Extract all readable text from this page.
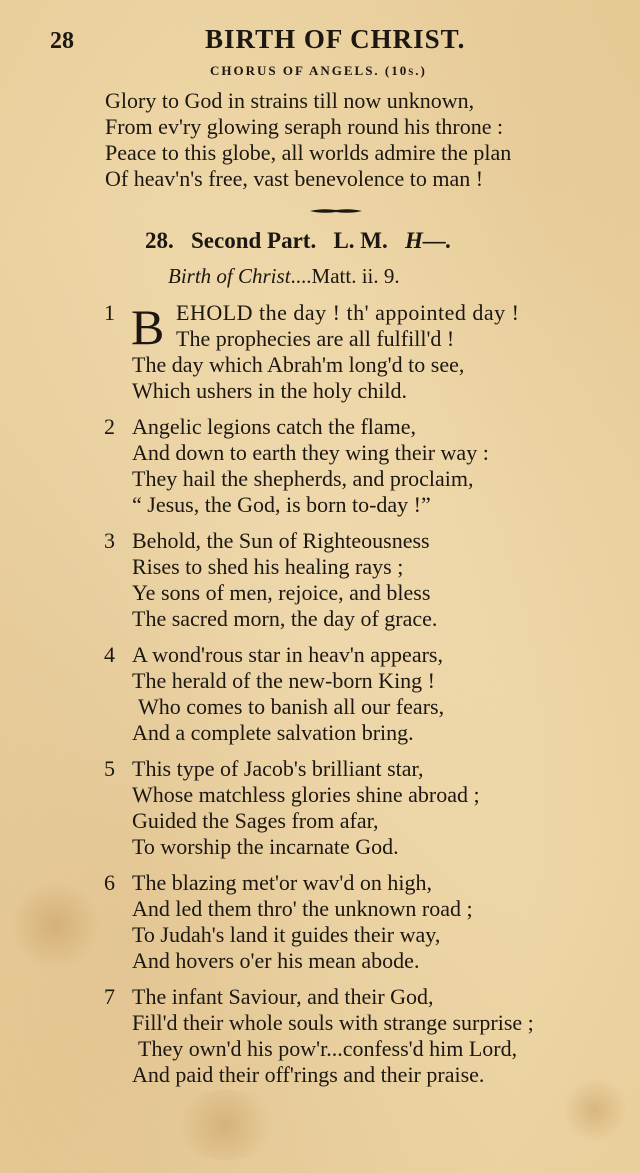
28	BIRTH OF CHRIST.
CHORUS OF ANGELS. (10s.)
Glory to God in strains till now unknown,
From ev'ry glowing seraph round his throne :
Peace to this globe, all worlds admire the plan
Of heav'n's free, vast benevolence to man !
28. Second Part. L. M. H—.
Birth of Christ....Matt. ii. 9.
1 B EHOLD the day ! th' appointed day !
The prophecies are all fulfill'd !
The day which Abrah'm long'd to see,
Which ushers in the holy child.
2 Angelic legions catch the flame,
And down to earth they wing their way :
They hail the shepherds, and proclaim,
“ Jesus, the God, is born to-day !”
3 Behold, the Sun of Righteousness
Rises to shed his healing rays ;
Ye sons of men, rejoice, and bless
The sacred morn, the day of grace.
4 A wond'rous star in heav'n appears,
The herald of the new-born King !
Who comes to banish all our fears,
And a complete salvation bring.
5 This type of Jacob's brilliant star,
Whose matchless glories shine abroad ;
Guided the Sages from afar,
To worship the incarnate God.
6 The blazing met'or wav'd on high,
And led them thro' the unknown road ;
To Judah's land it guides their way,
And hovers o'er his mean abode.
7 The infant Saviour, and their God,
Fill'd their whole souls with strange surprise ;
They own'd his pow'r...confess'd him Lord,
And paid their off'rings and their praise.
